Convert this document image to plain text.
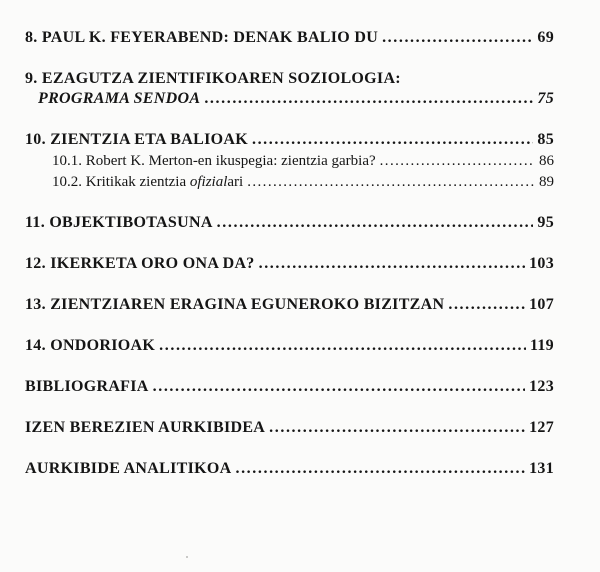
8. PAUL K. FEYERABEND: DENAK BALIO DU .....	69
9. EZAGUTZA ZIENTIFIKOAREN SOZIOLOGIA:
PROGRAMA SENDOA .....	75
10. ZIENTZIA ETA BALIOAK .....	85
10.1. Robert K. Merton-en ikuspegia: zientzia garbia? .....	86
10.2. Kritikak zientzia ofizialari .....	89
11. OBJEKTIBOTASUNA .....	95
12. IKERKETA ORO ONA DA? .....	103
13. ZIENTZIAREN ERAGINA EGUNEROKO BIZITZAN .....	107
14. ONDORIOAK .....	119
BIBLIOGRAFIA .....	123
IZEN BEREZIEN AURKIBIDEA .....	127
AURKIBIDE ANALITIKOA .....	131
